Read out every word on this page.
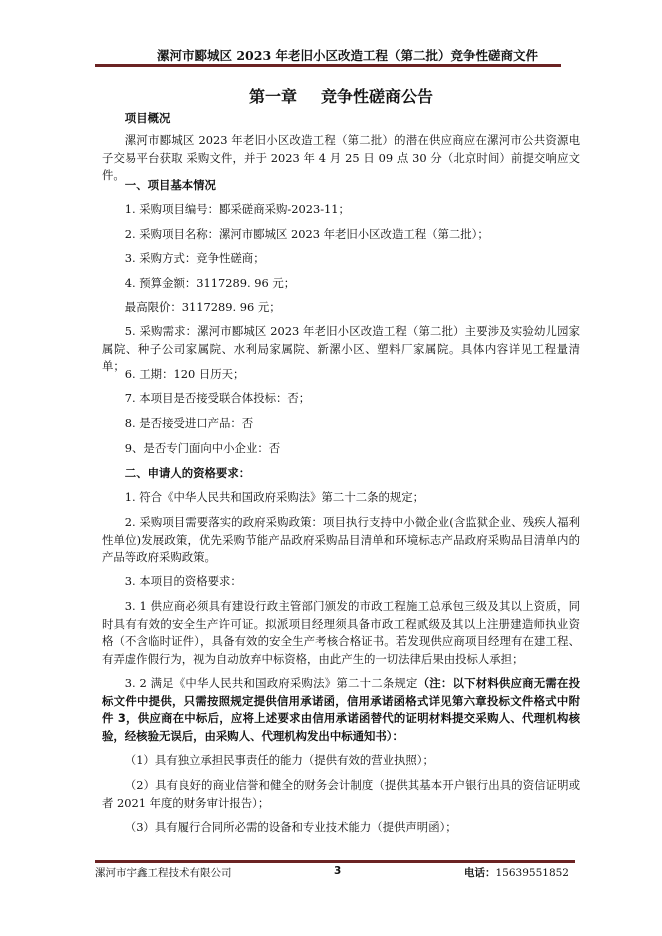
漯河市郾城区 2023 年老旧小区改造工程（第二批）竞争性磋商文件
第一章 竞争性磋商公告
项目概况
漯河市郾城区 2023 年老旧小区改造工程（第二批）的潜在供应商应在漯河市公共资源电子交易平台获取 采购文件，并于 2023 年 4 月 25 日 09 点 30 分（北京时间）前提交响应文件。
一、项目基本情况
1. 采购项目编号：郾采磋商采购-2023-11；
2. 采购项目名称：漯河市郾城区 2023 年老旧小区改造工程（第二批）；
3. 采购方式：竞争性磋商；
4. 预算金额：3117289. 96 元；
最高限价：3117289. 96 元；
5. 采购需求：漯河市郾城区 2023 年老旧小区改造工程（第二批）主要涉及实验幼儿园家属院、种子公司家属院、水利局家属院、新漯小区、塑料厂家属院。具体内容详见工程量清单；
6. 工期：120 日历天；
7. 本项目是否接受联合体投标：否；
8. 是否接受进口产品：否
9、是否专门面向中小企业：否
二、申请人的资格要求：
1. 符合《中华人民共和国政府采购法》第二十二条的规定；
2. 采购项目需要落实的政府采购政策：项目执行支持中小微企业(含监狱企业、残疾人福利性单位)发展政策，优先采购节能产品政府采购品目清单和环境标志产品政府采购品目清单内的产品等政府采购政策。
3. 本项目的资格要求：
3. 1 供应商必须具有建设行政主管部门颁发的市政工程施工总承包三级及其以上资质，同时具有有效的安全生产许可证。拟派项目经理须具备市政工程贰级及其以上注册建造师执业资格（不含临时证件），具备有效的安全生产考核合格证书。若发现供应商项目经理有在建工程、有弄虚作假行为，视为自动放弃中标资格，由此产生的一切法律后果由投标人承担；
3. 2 满足《中华人民共和国政府采购法》第二十二条规定（注：以下材料供应商无需在投标文件中提供，只需按照规定提供信用承诺函，信用承诺函格式详见第六章投标文件格式中附件 3，供应商在中标后，应将上述要求由信用承诺函替代的证明材料提交采购人、代理机构核验，经核验无误后，由采购人、代理机构发出中标通知书）：
（1）具有独立承担民事责任的能力（提供有效的营业执照）；
（2）具有良好的商业信誉和健全的财务会计制度（提供其基本开户银行出具的资信证明或者 2021 年度的财务审计报告）；
（3）具有履行合同所必需的设备和专业技术能力（提供声明函）；
漯河市宇鑫工程技术有限公司	3	电话：15639551852
